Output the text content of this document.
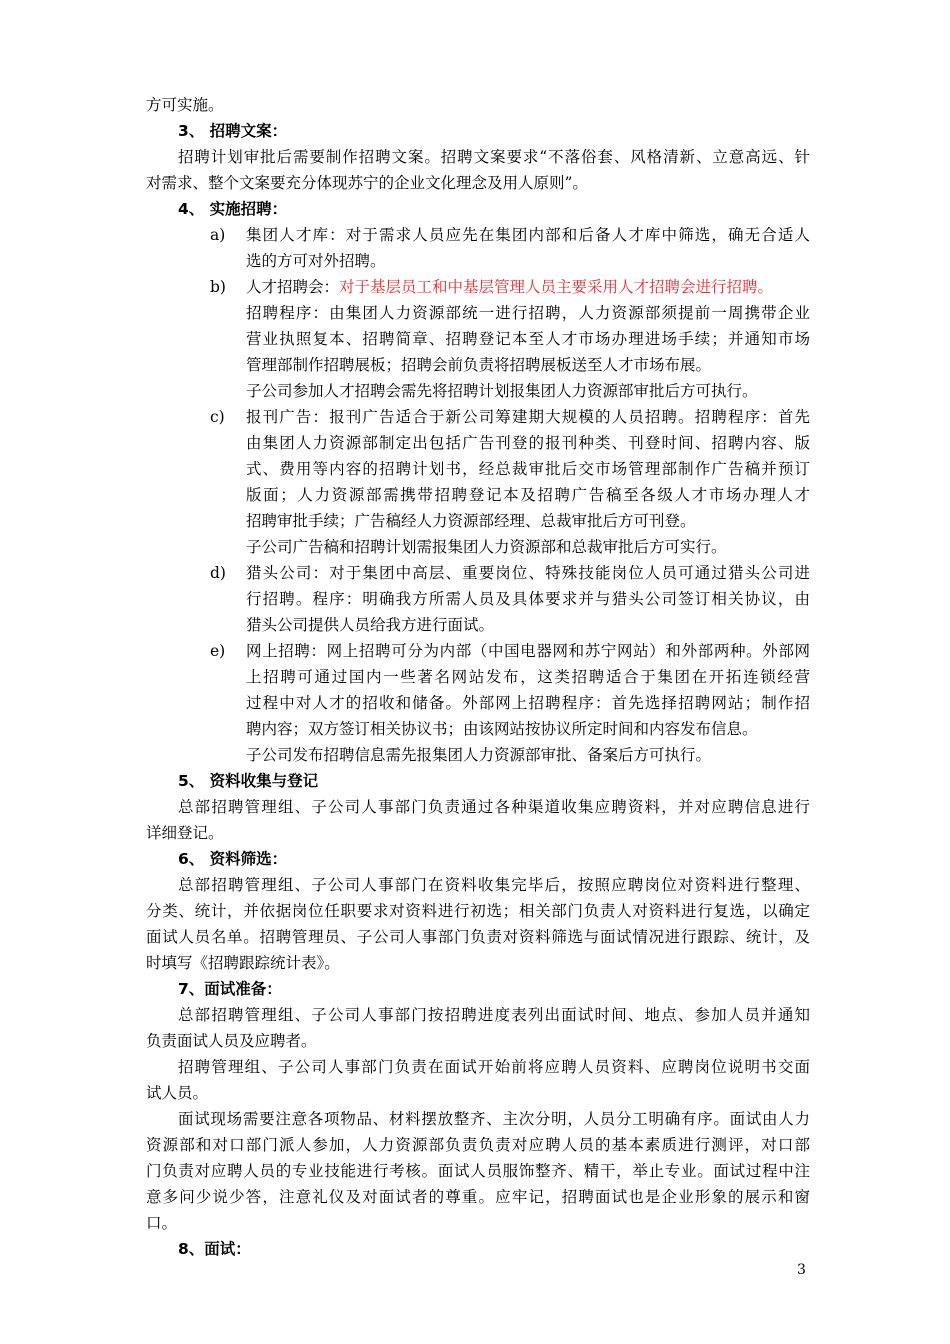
方可实施。
3、 招聘文案：
招聘计划审批后需要制作招聘文案。招聘文案要求“不落俗套、风格清新、立意高远、针
对需求、整个文案要充分体现苏宁的企业文化理念及用人原则”。
4、 实施招聘：
a) 集团人才库：对于需求人员应先在集团内部和后备人才库中筛选，确无合适人
选的方可对外招聘。
b) 人才招聘会：对于基层员工和中基层管理人员主要采用人才招聘会进行招聘。
招聘程序：由集团人力资源部统一进行招聘，人力资源部须提前一周携带企业
营业执照复本、招聘简章、招聘登记本至人才市场办理进场手续；并通知市场
管理部制作招聘展板；招聘会前负责将招聘展板送至人才市场布展。
子公司参加人才招聘会需先将招聘计划报集团人力资源部审批后方可执行。
c) 报刊广告：报刊广告适合于新公司筹建期大规模的人员招聘。招聘程序：首先
由集团人力资源部制定出包括广告刊登的报刊种类、刊登时间、招聘内容、版
式、费用等内容的招聘计划书，经总裁审批后交市场管理部制作广告稿并预订
版面；人力资源部需携带招聘登记本及招聘广告稿至各级人才市场办理人才
招聘审批手续；广告稿经人力资源部经理、总裁审批后方可刊登。
子公司广告稿和招聘计划需报集团人力资源部和总裁审批后方可实行。
d) 猎头公司：对于集团中高层、重要岗位、特殊技能岗位人员可通过猎头公司进
行招聘。程序：明确我方所需人员及具体要求并与猎头公司签订相关协议，由
猎头公司提供人员给我方进行面试。
e) 网上招聘：网上招聘可分为内部（中国电器网和苏宁网站）和外部两种。外部网
上招聘可通过国内一些著名网站发布，这类招聘适合于集团在开拓连锁经营
过程中对人才的招收和储备。外部网上招聘程序：首先选择招聘网站；制作招
聘内容；双方签订相关协议书；由该网站按协议所定时间和内容发布信息。
子公司发布招聘信息需先报集团人力资源部审批、备案后方可执行。
5、 资料收集与登记
总部招聘管理组、子公司人事部门负责通过各种渠道收集应聘资料，并对应聘信息进行
详细登记。
6、 资料筛选：
总部招聘管理组、子公司人事部门在资料收集完毕后，按照应聘岗位对资料进行整理、
分类、统计，并依据岗位任职要求对资料进行初选；相关部门负责人对资料进行复选，以确定
面试人员名单。招聘管理员、子公司人事部门负责对资料筛选与面试情况进行跟踪、统计，及
时填写《招聘跟踪统计表》。
7、面试准备：
总部招聘管理组、子公司人事部门按招聘进度表列出面试时间、地点、参加人员并通知
负责面试人员及应聘者。
招聘管理组、子公司人事部门负责在面试开始前将应聘人员资料、应聘岗位说明书交面
试人员。
面试现场需要注意各项物品、材料摆放整齐、主次分明，人员分工明确有序。面试由人力
资源部和对口部门派人参加，人力资源部负责负责对应聘人员的基本素质进行测评，对口部
门负责对应聘人员的专业技能进行考核。面试人员服饰整齐、精干，举止专业。面试过程中注
意多问少说少答，注意礼仪及对面试者的尊重。应牢记，招聘面试也是企业形象的展示和窗
口。
8、面试：
3
